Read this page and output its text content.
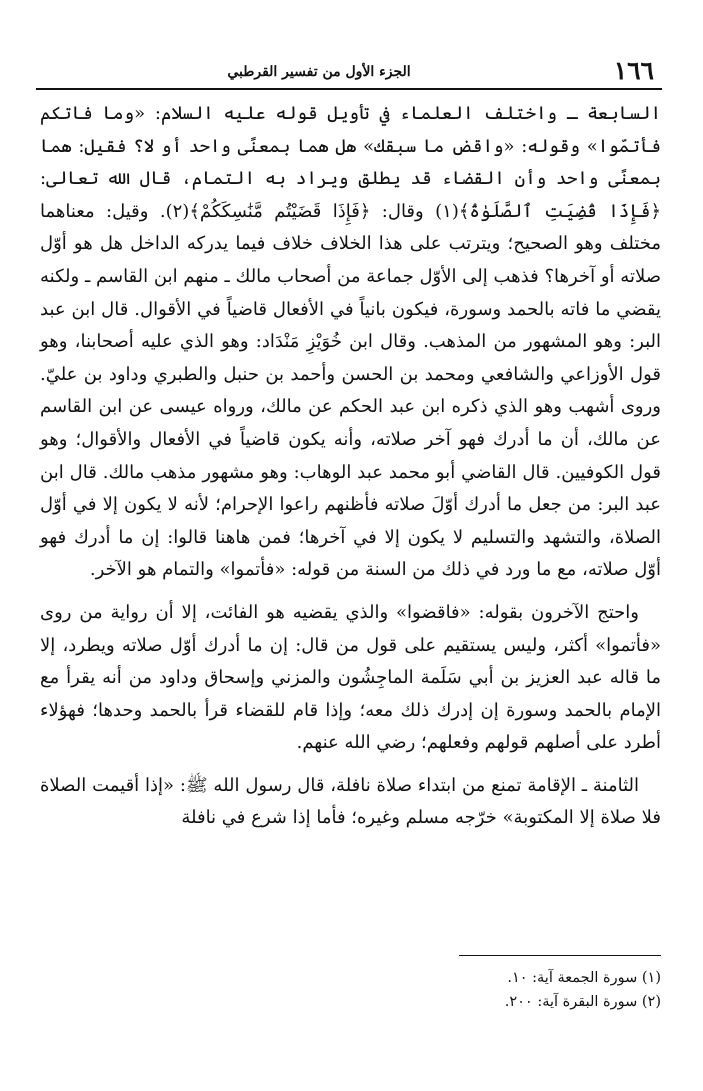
١٦٦
الجزء الأول من تفسير القرطبي

السابعة ـ واختلف العلماء في تأويل قوله عليه السلام: «وما فاتكم فأتمّوا» وقوله: «واقض ما سبقك» هل هما بمعنًى واحد أو لا؟ فقيل: هما بمعنًى واحد وأن القضاء قد يطلق ويراد به التمام، قال الله تعالى: ﴿فَإِذَا قُضِيَتِ ٱلصَّلَوٰةُ﴾(١) وقال: ﴿فَإِذَا قَضَيْتُم مَّنَٰسِكَكُمْ﴾(٢). وقيل: معناهما مختلف وهو الصحيح؛ ويترتب على هذا الخلاف خلاف فيما يدركه الداخل هل هو أوّل صلاته أو آخرها؟ فذهب إلى الأوّل جماعة من أصحاب مالك ـ منهم ابن القاسم ـ ولكنه يقضي ما فاته بالحمد وسورة، فيكون بانياً في الأفعال قاضياً في الأقوال. قال ابن عبد البر: وهو المشهور من المذهب. وقال ابن خُوَيْزِ مَنْدَاد: وهو الذي عليه أصحابنا، وهو قول الأوزاعي والشافعي ومحمد بن الحسن وأحمد بن حنبل والطبري وداود بن عليّ. وروى أشهب وهو الذي ذكره ابن عبد الحكم عن مالك، ورواه عيسى عن ابن القاسم عن مالك، أن ما أدرك فهو آخر صلاته، وأنه يكون قاضياً في الأفعال والأقوال؛ وهو قول الكوفيين. قال القاضي أبو محمد عبد الوهاب: وهو مشهور مذهب مالك. قال ابن عبد البر: من جعل ما أدرك أوّلَ صلاته فأظنهم راعوا الإحرام؛ لأنه لا يكون إلا في أوّل الصلاة، والتشهد والتسليم لا يكون إلا في آخرها؛ فمن هاهنا قالوا: إن ما أدرك فهو أوّل صلاته، مع ما ورد في ذلك من السنة من قوله: «فأتموا» والتمام هو الآخر.

واحتج الآخرون بقوله: «فاقضوا» والذي يقضيه هو الفائت، إلا أن رواية من روى «فأتموا» أكثر، وليس يستقيم على قول من قال: إن ما أدرك أوّل صلاته ويطرد، إلا ما قاله عبد العزيز بن أبي سَلَمة الماجِشُون والمزني وإسحاق وداود من أنه يقرأ مع الإمام بالحمد وسورة إن إدرك ذلك معه؛ وإذا قام للقضاء قرأ بالحمد وحدها؛ فهؤلاء أطرد على أصلهم قولهم وفعلهم؛ رضي الله عنهم.

الثامنة ـ الإقامة تمنع من ابتداء صلاة نافلة، قال رسول الله ﷺ: «إذا أقيمت الصلاة فلا صلاة إلا المكتوبة» خرّجه مسلم وغيره؛ فأما إذا شرع في نافلة

(١) سورة الجمعة آية: ١٠.

(٢) سورة البقرة آية: ٢٠٠.
